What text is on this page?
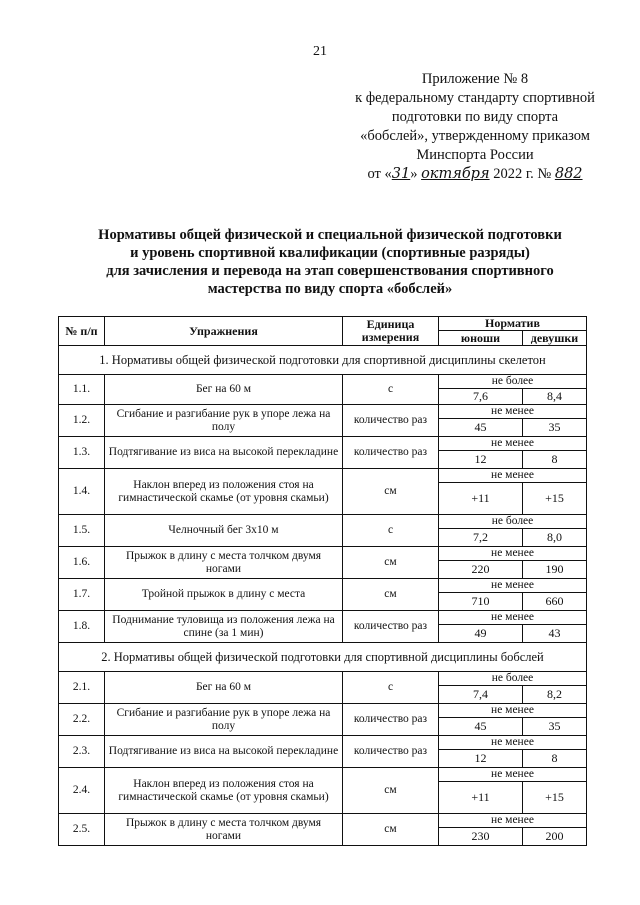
21
Приложение № 8
к федеральному стандарту спортивной
подготовки по виду спорта
«бобслей», утвержденному приказом
Минспорта России
от «31» октября 2022 г. № 882
Нормативы общей физической и специальной физической подготовки
и уровень спортивной квалификации (спортивные разряды)
для зачисления и перевода на этап совершенствования спортивного
мастерства по виду спорта «бобслей»
№ п/п	Упражнения	Единица измерения	Норматив	
			юноши	девушки
1. Нормативы общей физической подготовки для спортивной дисциплины скелетон				
1.1.	Бег на 60 м	с	не более	
			7,6	8,4
1.2.	Сгибание и разгибание рук в упоре лежа на полу	количество раз	не менее	
			45	35
1.3.	Подтягивание из виса на высокой перекладине	количество раз	не менее	
			12	8
1.4.	Наклон вперед из положения стоя на гимнастической скамье (от уровня скамьи)	см	не менее	
			+11	+15
1.5.	Челночный бег 3х10 м	с	не более	
			7,2	8,0
1.6.	Прыжок в длину с места толчком двумя ногами	см	не менее	
			220	190
1.7.	Тройной прыжок в длину с места	см	не менее	
			710	660
1.8.	Поднимание туловища из положения лежа на спине (за 1 мин)	количество раз	не менее	
			49	43
2. Нормативы общей физической подготовки для спортивной дисциплины бобслей				
2.1.	Бег на 60 м	с	не более	
			7,4	8,2
2.2.	Сгибание и разгибание рук в упоре лежа на полу	количество раз	не менее	
			45	35
2.3.	Подтягивание из виса на высокой перекладине	количество раз	не менее	
			12	8
2.4.	Наклон вперед из положения стоя на гимнастической скамье (от уровня скамьи)	см	не менее	
			+11	+15
2.5.	Прыжок в длину с места толчком двумя ногами	см	не менее	
			230	200
